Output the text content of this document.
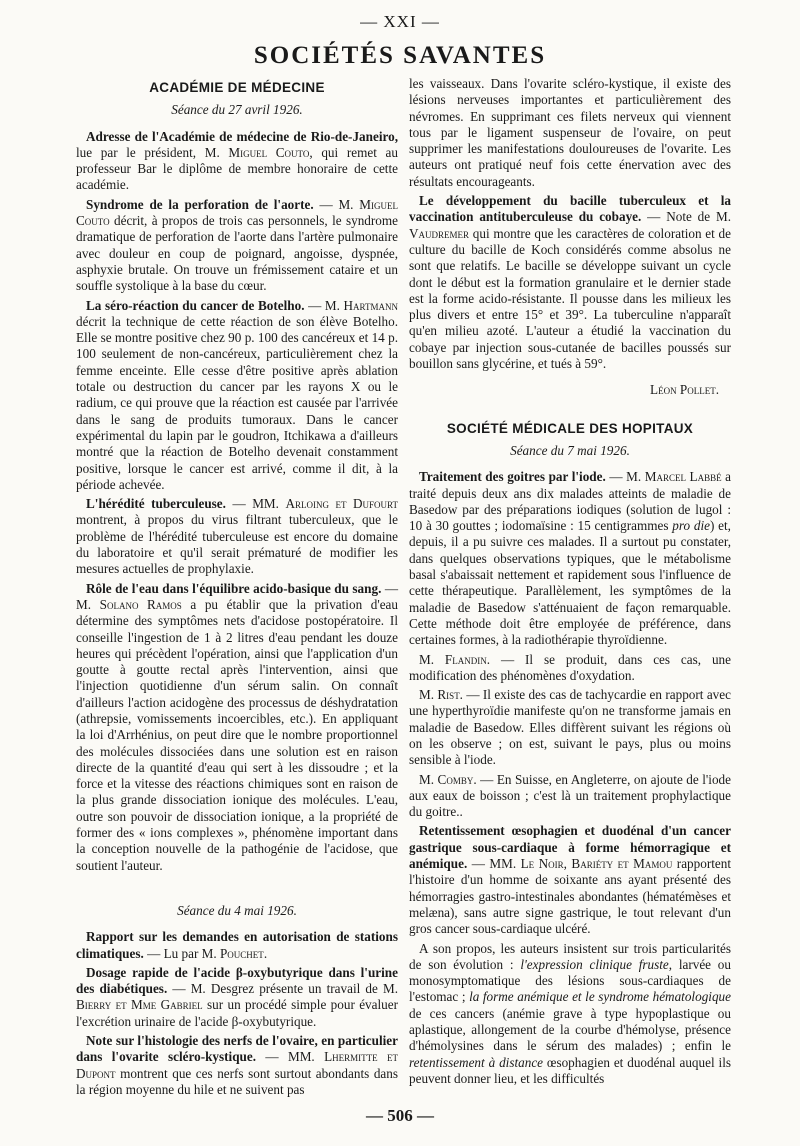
— XXI —
SOCIÉTÉS SAVANTES
ACADÉMIE DE MÉDECINE
Séance du 27 avril 1926.

Adresse de l'Académie de médecine de Rio-de-Janeiro, lue par le président, M. Miguel Couto, qui remet au professeur Bar le diplôme de membre honoraire de cette académie.

Syndrome de la perforation de l'aorte. — M. Miguel Couto décrit, à propos de trois cas personnels, le syndrome dramatique de perforation de l'aorte dans l'artère pulmonaire avec douleur en coup de poignard, angoisse, dyspnée, asphyxie brutale. On trouve un frémissement cataire et un souffle systolique à la base du cœur.

La séro-réaction du cancer de Botelho. — M. Hartmann décrit la technique de cette réaction de son élève Botelho. Elle se montre positive chez 90 p. 100 des cancéreux et 14 p. 100 seulement de non-cancéreux, particulièrement chez la femme enceinte. Elle cesse d'être positive après ablation totale ou destruction du cancer par les rayons X ou le radium, ce qui prouve que la réaction est causée par l'arrivée dans le sang de produits tumoraux. Dans le cancer expérimental du lapin par le goudron, Itchikawa a d'ailleurs montré que la réaction de Botelho devenait constamment positive, lorsque le cancer est arrivé, comme il dit, à la période achevée.

L'hérédité tuberculeuse. — MM. Arloing et Dufourt montrent, à propos du virus filtrant tuberculeux, que le problème de l'hérédité tuberculeuse est encore du domaine du laboratoire et qu'il serait prématuré de modifier les mesures actuelles de prophylaxie.

Rôle de l'eau dans l'équilibre acido-basique du sang. — M. Solano Ramos a pu établir que la privation d'eau détermine des symptômes nets d'acidose postopératoire. Il conseille l'ingestion de 1 à 2 litres d'eau pendant les douze heures qui précèdent l'opération, ainsi que l'application d'un goutte à goutte rectal après l'intervention, ainsi que l'injection quotidienne d'un sérum salin. On connaît d'ailleurs l'action acidogène des processus de déshydratation (athrepsie, vomissements incoercibles, etc.). En appliquant la loi d'Arrhénius, on peut dire que le nombre proportionnel des molécules dissociées dans une solution est en raison directe de la quantité d'eau qui sert à les dissoudre ; et la force et la vitesse des réactions chimiques sont en raison de la plus grande dissociation ionique des molécules. L'eau, outre son pouvoir de dissociation ionique, a la propriété de former des « ions complexes », phénomène important dans la conception nouvelle de la pathogénie de l'acidose, que soutient l'auteur.

Séance du 4 mai 1926.

Rapport sur les demandes en autorisation de stations climatiques. — Lu par M. Pouchet.

Dosage rapide de l'acide β-oxybutyrique dans l'urine des diabétiques. — M. Desgrez présente un travail de M. Bierry et Mme Gabriel sur un procédé simple pour évaluer l'excrétion urinaire de l'acide β-oxybutyrique.

Note sur l'histologie des nerfs de l'ovaire, en particulier dans l'ovarite scléro-kystique. — MM. Lhermitte et Dupont montrent que ces nerfs sont surtout abondants dans la région moyenne du hile et ne suivent pas

les vaisseaux. Dans l'ovarite scléro-kystique, il existe des lésions nerveuses importantes et particulièrement des névromes. En supprimant ces filets nerveux qui viennent tous par le ligament suspenseur de l'ovaire, on peut supprimer les manifestations douloureuses de l'ovarite. Les auteurs ont pratiqué neuf fois cette énervation avec des résultats encourageants.

Le développement du bacille tuberculeux et la vaccination antituberculeuse du cobaye. — Note de M. Vaudremer qui montre que les caractères de coloration et de culture du bacille de Koch considérés comme absolus ne sont que relatifs. Le bacille se développe suivant un cycle dont le début est la formation granulaire et le dernier stade est la forme acido-résistante. Il pousse dans les milieux les plus divers et entre 15° et 39°. La tuberculine n'apparaît qu'en milieu azoté. L'auteur a étudié la vaccination du cobaye par injection sous-cutanée de bacilles poussés sur bouillon sans glycérine, et tués à 59°.

Léon Pollet.
SOCIÉTÉ MÉDICALE DES HOPITAUX
Séance du 7 mai 1926.

Traitement des goitres par l'iode. — M. Marcel Labbé a traité depuis deux ans dix malades atteints de maladie de Basedow par des préparations iodiques (solution de lugol : 10 à 30 gouttes ; iodomaïsine : 15 centigrammes pro die) et, depuis, il a pu suivre ces malades. Il a surtout pu constater, dans quelques observations typiques, que le métabolisme basal s'abaissait nettement et rapidement sous l'influence de cette thérapeutique. Parallèlement, les symptômes de la maladie de Basedow s'atténuaient de façon remarquable. Cette méthode doit être employée de préférence, dans certaines formes, à la radiothérapie thyroïdienne.

M. Flandin. — Il se produit, dans ces cas, une modification des phénomènes d'oxydation.

M. Rist. — Il existe des cas de tachycardie en rapport avec une hyperthyroïdie manifeste qu'on ne transforme jamais en maladie de Basedow. Elles diffèrent suivant les régions où on les observe ; on est, suivant le pays, plus ou moins sensible à l'iode.

M. Comby. — En Suisse, en Angleterre, on ajoute de l'iode aux eaux de boisson ; c'est là un traitement prophylactique du goitre..

Retentissement œsophagien et duodénal d'un cancer gastrique sous-cardiaque à forme hémorragique et anémique. — MM. Le Noir, Bariéty et Mamou rapportent l'histoire d'un homme de soixante ans ayant présenté des hémorragies gastro-intestinales abondantes (hématémèses et melæna), sans autre signe gastrique, le tout relevant d'un gros cancer sous-cardiaque ulcéré.

A son propos, les auteurs insistent sur trois particularités de son évolution : l'expression clinique fruste, larvée ou monosymptomatique des lésions sous-cardiaques de l'estomac ; la forme anémique et le syndrome hématologique de ces cancers (anémie grave à type hypoplastique ou aplastique, allongement de la courbe d'hémolyse, présence d'hémolysines dans le sérum des malades) ; enfin le retentissement à distance œsophagien et duodénal auquel ils peuvent donner lieu, et les difficultés

— 506 —
